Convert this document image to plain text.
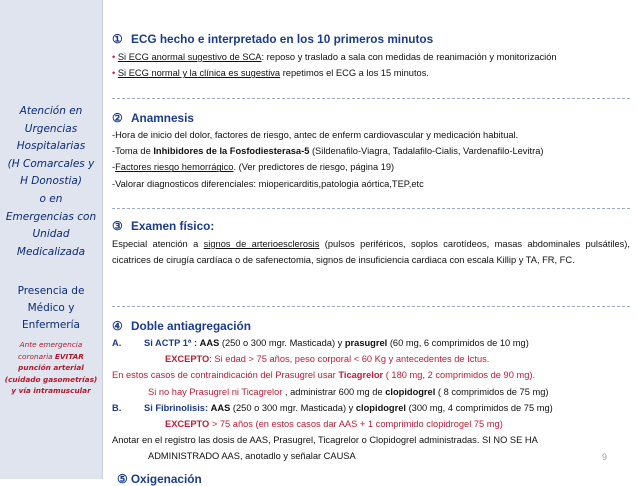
Atención en
Urgencias
Hospitalarias
(H Comarcales y
H Donostia)
o en
Emergencias con
Unidad
Medicalizada
Presencia de
Médico y
Enfermería
Ante emergencia
coronaria EVITAR
punción arterial
(cuidado gasometrías)
y vía intramuscular
① ECG hecho e interpretado en los 10 primeros minutos
• Si ECG anormal sugestivo de SCA: reposo y traslado a sala con medidas de reanimación y monitorización
• Si ECG normal y la clínica es sugestiva repetimos el ECG a los 15 minutos.
② Anamnesis
-Hora de inicio del dolor, factores de riesgo, antec de enferm cardiovascular y medicación habitual.
-Toma de Inhibidores de la Fosfodiesterasa-5 (Sildenafilo-Viagra, Tadalafilo-Cialis, Vardenafilo-Levitra)
-Factores riesgo hemorrágico. (Ver predictores de riesgo, página 19)
-Valorar diagnosticos diferenciales: miopericarditis,patologia aórtica,TEP,etc
③ Examen físico:
Especial atención a signos de arterioesclerosis (pulsos periféricos, soplos carotídeos, masas abdominales pulsátiles), cicatrices de cirugía cardíaca o de safenectomia, signos de insuficiencia cardiaca con escala Killip y TA, FR, FC.
④ Doble antiagregación
A. Si ACTP 1ª : AAS (250 o 300 mgr. Masticada) y prasugrel (60 mg, 6 comprimidos de 10 mg)
EXCEPTO: Si edad > 75 años, peso corporal < 60 Kg y antecedentes de Ictus.
En estos casos de contraindicación del Prasugrel usar Ticagrelor ( 180 mg, 2 comprimidos de 90 mg).
Si no hay Prasugrel ni Ticagrelor , administrar 600 mg de clopidogrel ( 8 comprimidos de 75 mg)
B. Si Fibrinolisis: AAS (250 o 300 mgr. Masticada) y clopidogrel (300 mg, 4 comprimidos de 75 mg)
EXCEPTO > 75 años (en estos casos dar AAS + 1 comprimido clopidrogel 75 mg)
Anotar en el registro las dosis de AAS, Prasugrel, Ticagrelor o Clopidogrel administradas. SI NO SE HA
ADMINISTRADO AAS, anotadlo y señalar CAUSA	9
⑤ Oxigenación
